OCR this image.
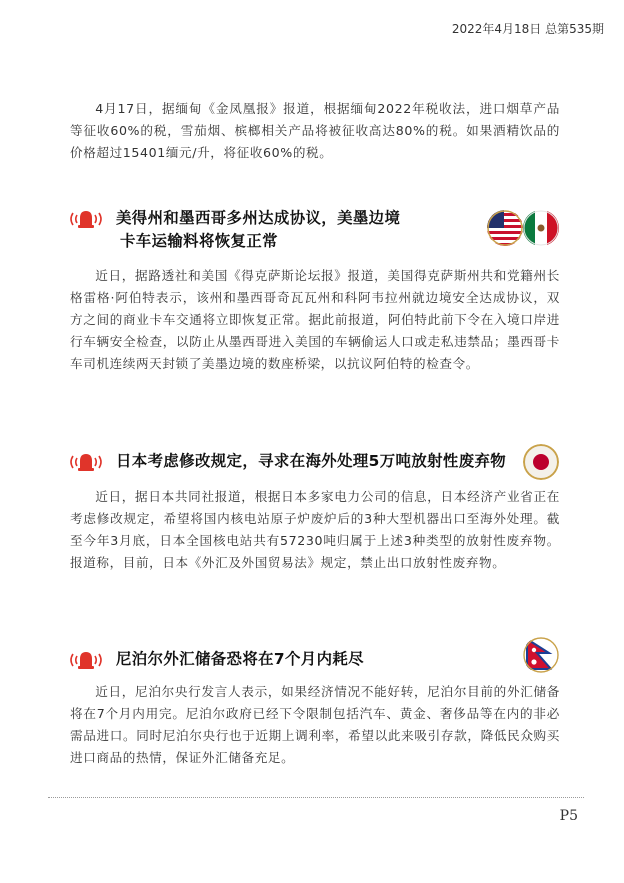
2022年4月18日 总第535期

4月17日，据缅甸《金凤凰报》报道，根据缅甸2022年税收法，进口烟草产品等征收60%的税，雪茄烟、槟榔相关产品将被征收高达80%的税。如果酒精饮品的价格超过15401缅元/升，将征收60%的税。

美得州和墨西哥多州达成协议，美墨边境
卡车运输料将恢复正常

近日，据路透社和美国《得克萨斯论坛报》报道，美国得克萨斯州共和党籍州长格雷格·阿伯特表示，该州和墨西哥奇瓦瓦州和科阿韦拉州就边境安全达成协议，双方之间的商业卡车交通将立即恢复正常。据此前报道，阿伯特此前下令在入境口岸进行车辆安全检查，以防止从墨西哥进入美国的车辆偷运人口或走私违禁品；墨西哥卡车司机连续两天封锁了美墨边境的数座桥梁，以抗议阿伯特的检查令。

日本考虑修改规定，寻求在海外处理5万吨放射性废弃物

近日，据日本共同社报道，根据日本多家电力公司的信息，日本经济产业省正在考虑修改规定，希望将国内核电站原子炉废炉后的3种大型机器出口至海外处理。截至今年3月底，日本全国核电站共有57230吨归属于上述3种类型的放射性废弃物。报道称，目前，日本《外汇及外国贸易法》规定，禁止出口放射性废弃物。

尼泊尔外汇储备恐将在7个月内耗尽

近日，尼泊尔央行发言人表示，如果经济情况不能好转，尼泊尔目前的外汇储备将在7个月内用完。尼泊尔政府已经下令限制包括汽车、黄金、奢侈品等在内的非必需品进口。同时尼泊尔央行也于近期上调利率，希望以此来吸引存款，降低民众购买进口商品的热情，保证外汇储备充足。

P5
